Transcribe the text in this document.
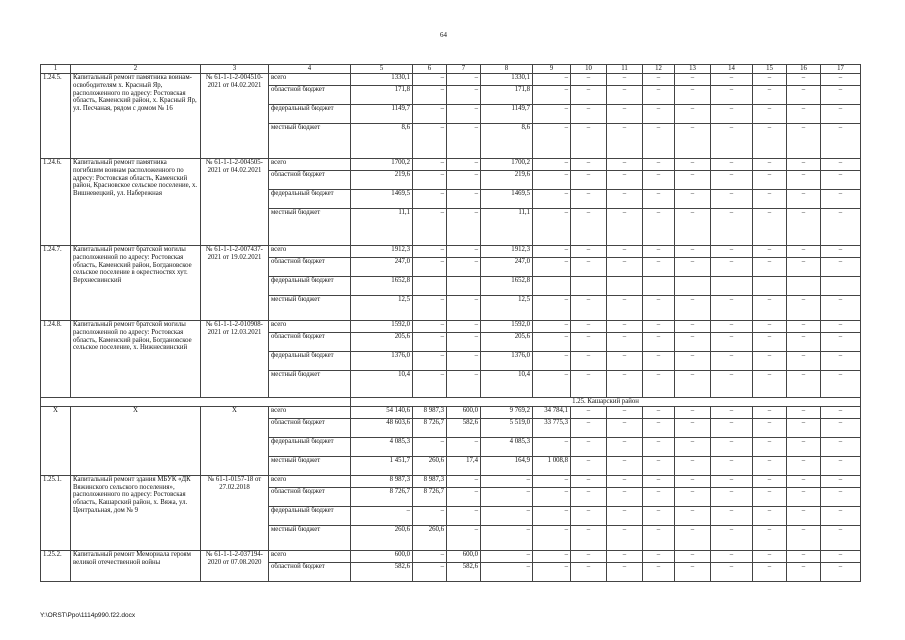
64
1	2	3	4	5	6	7	8	9	10	11	12	13	14	15	16	17
1.24.5.	Капитальный ремонт памятника воинам-освободителям х. Красный Яр, расположенного по адресу: Ростовская область, Каменский район, х. Красный Яр, ул. Песчаная, рядом с домом № 16	№ 61-1-1-2-004510-2021 от 04.02.2021	всего	1330,1	–	–	1330,1	–	–	–	–	–	–	–	–	–
			областной бюджет	171,8	–	–	171,8	–	–	–	–	–	–	–	–	–
			федеральный бюджет	1149,7	–	–	1149,7	–	–	–	–	–	–	–	–	–
			местный бюджет	8,6	–	–	8,6	–	–	–	–	–	–	–	–	–
1.24.6.	Капитальный ремонт памятника погибшим воинам расположенного по адресу: Ростовская область, Каменский район, Красновское сельское поселение, х. Вишневецкий, ул. Набережная	№ 61-1-1-2-004505-2021 от 04.02.2021	всего	1700,2	–	–	1700,2	–	–	–	–	–	–	–	–	–
			областной бюджет	219,6	–	–	219,6	–	–	–	–	–	–	–	–	–
			федеральный бюджет	1469,5	–	–	1469,5	–	–	–	–	–	–	–	–	–
			местный бюджет	11,1	–	–	11,1	–	–	–	–	–	–	–	–	–
1.24.7.	Капитальный ремонт братской могилы расположенной по адресу: Ростовская область, Каменский район, Богдановское сельское поселение в окрестностях хут. Верхнесвинский	№ 61-1-1-2-007437-2021 от 19.02.2021	всего	1912,3	–	–	1912,3	–	–	–	–	–	–	–	–	–
			областной бюджет	247,0	–	–	247,0	–	–	–	–	–	–	–	–	–
			федеральный бюджет	1652,8			1652,8									
			местный бюджет	12,5	–	–	12,5	–	–	–	–	–	–	–	–	–
1.24.8.	Капитальный ремонт братской могилы расположенной по адресу: Ростовская область, Каменский район, Богдановское сельское поселение, х. Нижнесвинский	№ 61-1-1-2-010908-2021 от 12.03.2021	всего	1592,0	–	–	1592,0	–	–	–	–	–	–	–	–	–
			областной бюджет	205,6	–	–	205,6	–	–	–	–	–	–	–	–	–
			федеральный бюджет	1376,0	–	–	1376,0	–	–	–	–	–	–	–	–	–
			местный бюджет	10,4	–	–	10,4	–	–	–	–	–	–	–	–	–
				1.25. Кашарский район												
X	X	X	всего	54 140,6	8 987,3	600,0	9 769,2	34 784,1	–	–	–	–	–	–	–	–
			областной бюджет	48 603,6	8 726,7	582,6	5 519,0	33 775,3	–	–	–	–	–	–	–	–
			федеральный бюджет	4 085,3	–	–	4 085,3	–	–	–	–	–	–	–	–	–
			местный бюджет	1 451,7	260,6	17,4	164,9	1 008,8	–	–	–	–	–	–	–	–
1.25.1.	Капитальный ремонт здания МБУК «ДК Вяжинского сельского поселения», расположенного по адресу: Ростовская область, Кашарский район, х. Вяжа, ул. Центральная, дом № 9	№ 61-1-0157-18 от 27.02.2018	всего	8 987,3	8 987,3	–	–	–	–	–	–	–	–	–	–	–
			областной бюджет	8 726,7	8 726,7	–	–	–	–	–	–	–	–	–	–	–
			федеральный бюджет	–	–	–	–	–	–	–	–	–	–	–	–	–
			местный бюджет	260,6	260,6	–	–	–	–	–	–	–	–	–	–	–
1.25.2.	Капитальный ремонт Мемориала героям великой отечественной войны	№ 61-1-1-2-037194-2020 от 07.08.2020	всего	600,0	–	600,0	–	–	–	–	–	–	–	–	–	–
			областной бюджет	582,6	–	582,6	–	–	–	–	–	–	–	–	–	–
Y:\ORST\Ppo\1114p990.f22.docx
